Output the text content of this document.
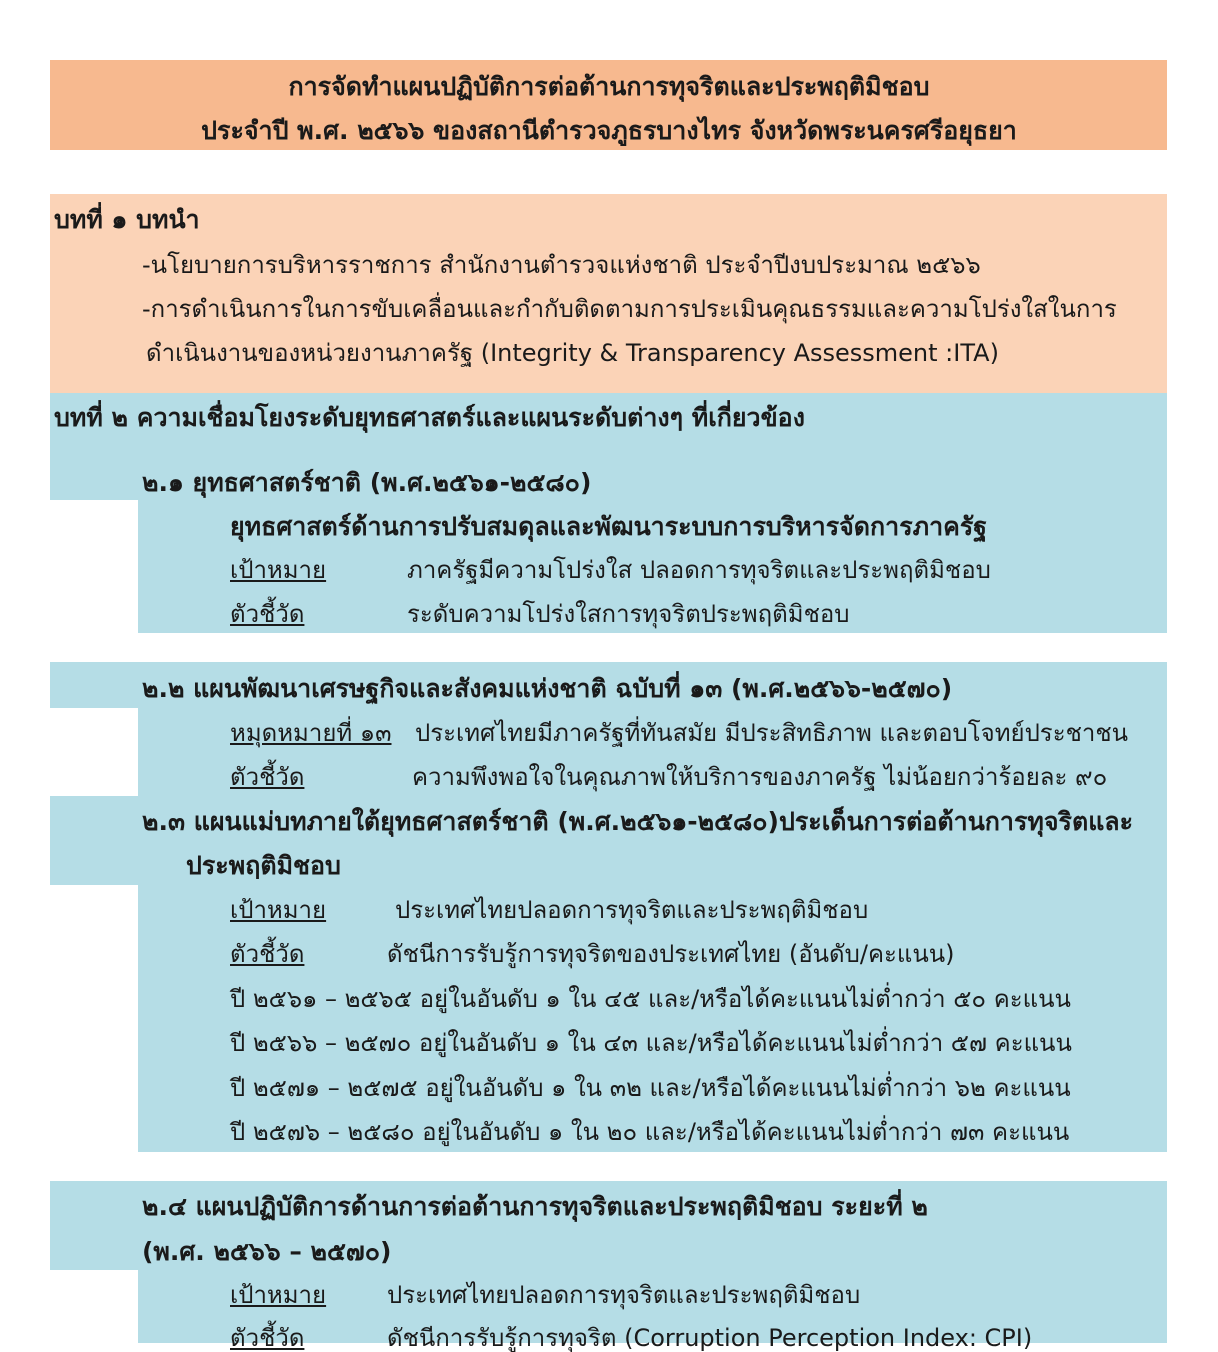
การจัดทำแผนปฏิบัติการต่อต้านการทุจริตและประพฤติมิชอบ
ประจำปี พ.ศ. ๒๕๖๖ ของสถานีตำรวจภูธรบางไทร จังหวัดพระนครศรีอยุธยา
บทที่ ๑ บทนำ
-นโยบายการบริหารราชการ สำนักงานตำรวจแห่งชาติ ประจำปีงบประมาณ ๒๕๖๖
-การดำเนินการในการขับเคลื่อนและกำกับติดตามการประเมินคุณธรรมและความโปร่งใสในการ
ดำเนินงานของหน่วยงานภาครัฐ (Integrity & Transparency Assessment :ITA)
บทที่ ๒ ความเชื่อมโยงระดับยุทธศาสตร์และแผนระดับต่างๆ ที่เกี่ยวข้อง
๒.๑ ยุทธศาสตร์ชาติ (พ.ศ.๒๕๖๑-๒๕๘๐)
ยุทธศาสตร์ด้านการปรับสมดุลและพัฒนาระบบการบริหารจัดการภาครัฐ
เป้าหมาย	ภาครัฐมีความโปร่งใส ปลอดการทุจริตและประพฤติมิชอบ
ตัวชี้วัด	ระดับความโปร่งใสการทุจริตประพฤติมิชอบ
๒.๒ แผนพัฒนาเศรษฐกิจและสังคมแห่งชาติ ฉบับที่ ๑๓ (พ.ศ.๒๕๖๖-๒๕๗๐)
หมุดหมายที่ ๑๓ ประเทศไทยมีภาครัฐที่ทันสมัย มีประสิทธิภาพ และตอบโจทย์ประชาชน
ตัวชี้วัด	ความพึงพอใจในคุณภาพให้บริการของภาครัฐ ไม่น้อยกว่าร้อยละ ๙๐
๒.๓ แผนแม่บทภายใต้ยุทธศาสตร์ชาติ (พ.ศ.๒๕๖๑-๒๕๘๐)ประเด็นการต่อต้านการทุจริตและ
ประพฤติมิชอบ
เป้าหมาย	ประเทศไทยปลอดการทุจริตและประพฤติมิชอบ
ตัวชี้วัด	ดัชนีการรับรู้การทุจริตของประเทศไทย (อันดับ/คะแนน)
ปี ๒๕๖๑ – ๒๕๖๕ อยู่ในอันดับ ๑ ใน ๔๕ และ/หรือได้คะแนนไม่ต่ำกว่า ๕๐ คะแนน
ปี ๒๕๖๖ – ๒๕๗๐ อยู่ในอันดับ ๑ ใน ๔๓ และ/หรือได้คะแนนไม่ต่ำกว่า ๕๗ คะแนน
ปี ๒๕๗๑ – ๒๕๗๕ อยู่ในอันดับ ๑ ใน ๓๒ และ/หรือได้คะแนนไม่ต่ำกว่า ๖๒ คะแนน
ปี ๒๕๗๖ – ๒๕๘๐ อยู่ในอันดับ ๑ ใน ๒๐ และ/หรือได้คะแนนไม่ต่ำกว่า ๗๓ คะแนน
๒.๔ แผนปฏิบัติการด้านการต่อต้านการทุจริตและประพฤติมิชอบ ระยะที่ ๒
(พ.ศ. ๒๕๖๖ – ๒๕๗๐)
เป้าหมาย	ประเทศไทยปลอดการทุจริตและประพฤติมิชอบ
ตัวชี้วัด	ดัชนีการรับรู้การทุจริต (Corruption Perception Index: CPI)
